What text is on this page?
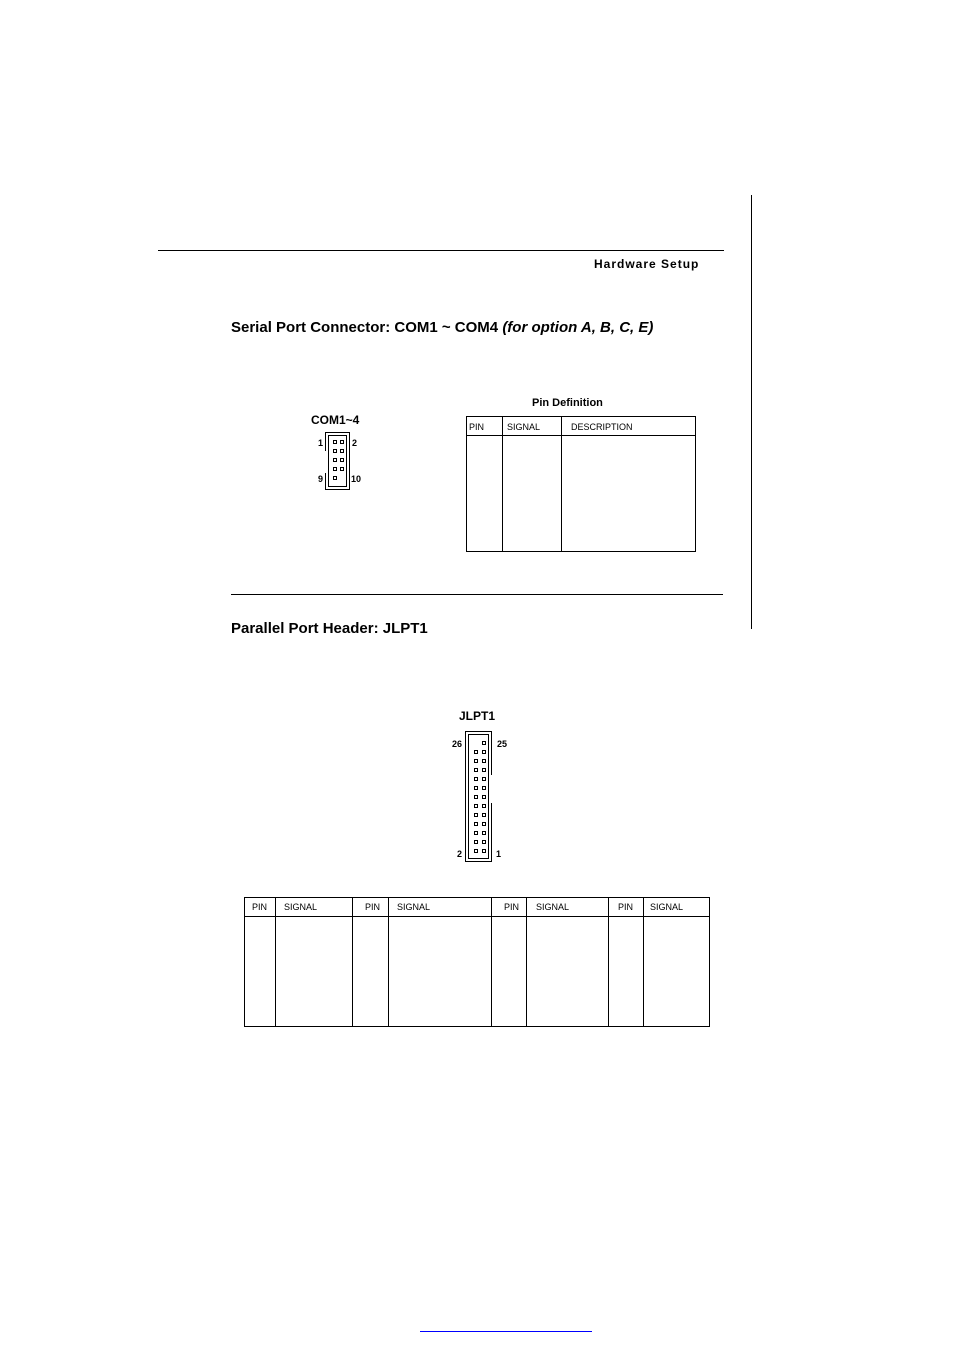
Hardware Setup
Serial Port Connector: COM1 ~ COM4 (for option A, B, C, E)
COM1~4
1	2
9	10
Pin Definition
PIN	SIGNAL	DESCRIPTION
Parallel Port Header: JLPT1
JLPT1
26	25
2	1
PIN SIGNAL	PIN SIGNAL	PIN SIGNAL	PIN SIGNAL
